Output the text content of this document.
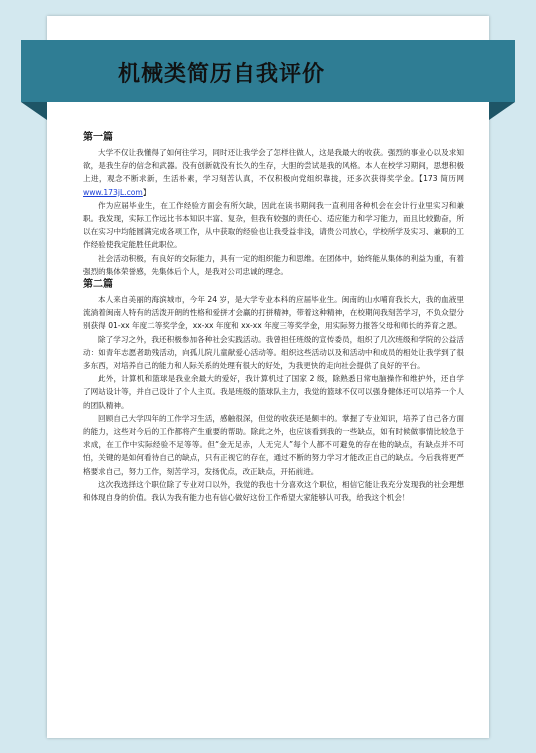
机械类简历自我评价
第一篇

大学不仅让我懂得了如何往学习，同时还让我学会了怎样往做人，这是我最大的收获。强烈的事业心以及求知欲，是我生存的信念和武器。没有创新就没有长久的生存，大胆的尝试是我的风格。本人在校学习期间，思想积极上进，观念不断求新，生活朴素，学习刻苦认真，不仅积极向党组织靠拢，还多次获得奖学金。【173 简历网 www.173jL.com】

作为应届毕业生，在工作经验方面会有所欠缺，因此在读书期间我一直利用各种机会在会计行业里实习和兼职。我发现，实际工作远比书本知识丰富、复杂，但我有较强的责任心、适应能力和学习能力，而且比较勤奋，所以在实习中均能圆满完成各项工作，从中获取的经验也让我受益非浅，请贵公司放心，学校所学及实习、兼职的工作经验使我定能胜任此职位。

社会活动积极，有良好的交际能力，具有一定的组织能力和思维。在团体中，始终能从集体的利益为重，有着强烈的集体荣誉感，先集体后个人，是我对公司忠诚的理念。

第二篇

本人来自美丽的海滨城市，今年 24 岁，是大学专业本科的应届毕业生。闽南的山水哺育我长大，我的血液里流淌着闽南人特有的活泼开朗的性格和爱拼才会赢的打拼精神，带着这种精神，在校期间我刻苦学习，不负众望分别获得 01-xx 年度二等奖学金，xx-xx 年度和 xx-xx 年度三等奖学金，用实际努力报答父母和师长的养育之恩。

除了学习之外，我还积极参加各种社会实践活动。我曾担任班级的宣传委员，组织了几次班级和学院的公益活动：如青年志愿者助残活动，向孤儿院儿童献爱心活动等。组织这些活动以及和活动中和成员的相处让我学到了很多东西，对培养自己的能力和人际关系的处理有很大的好处，为我更快的走向社会提供了良好的平台。

此外，计算机和篮球是我业余最大的爱好，我计算机过了国家 2 级，除熟悉日常电脑操作和维护外，还自学了网站设计等，并自己设计了个人主页。我是班级的篮球队主力，我觉的篮球不仅可以强身健体还可以培养一个人的团队精神。

回顾自己大学四年的工作学习生活，感触很深，但觉的收获还是颇丰的。掌握了专业知识，培养了自己各方面的能力，这些对今后的工作都将产生重要的帮助。除此之外，也应该看到我的一些缺点，如有时候做事情比较急于求成，在工作中实际经验不足等等。但“金无足赤，人无完人”每个人都不可避免的存在他的缺点，有缺点并不可怕，关键的是如何看待自己的缺点，只有正视它的存在，通过不断的努力学习才能改正自己的缺点。今后我将更严格要求自己，努力工作，刻苦学习，发扬优点，改正缺点，开拓前进。

这次我选择这个职位除了专业对口以外，我觉的我也十分喜欢这个职位，相信它能让我充分发现我的社会理想和体现自身的价值。我认为我有能力也有信心做好这份工作希望大家能够认可我，给我这个机会！
